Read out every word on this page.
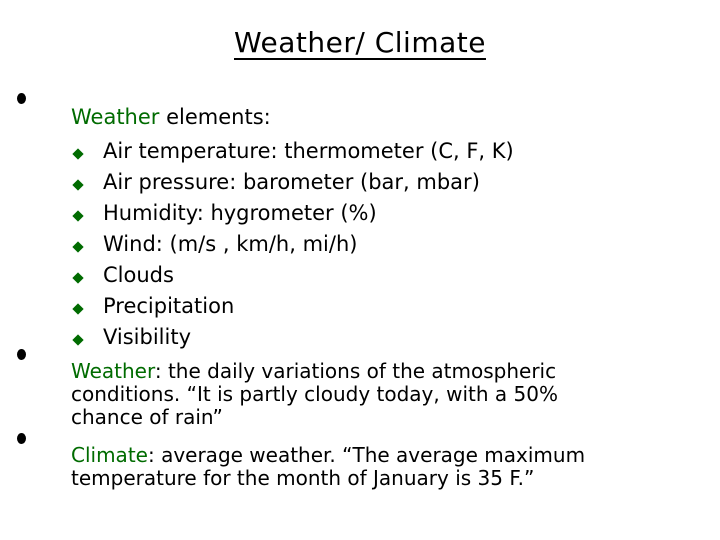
Weather/ Climate
Weather elements:
Air temperature: thermometer (C, F, K)
Air pressure: barometer (bar, mbar)
Humidity: hygrometer (%)
Wind: (m/s , km/h, mi/h)
Clouds
Precipitation
Visibility
Weather: the daily variations of the atmospheric conditions. “It is partly cloudy today, with a 50% chance of rain”
Climate: average weather. “The average maximum temperature for the month of January is 35 F.”
